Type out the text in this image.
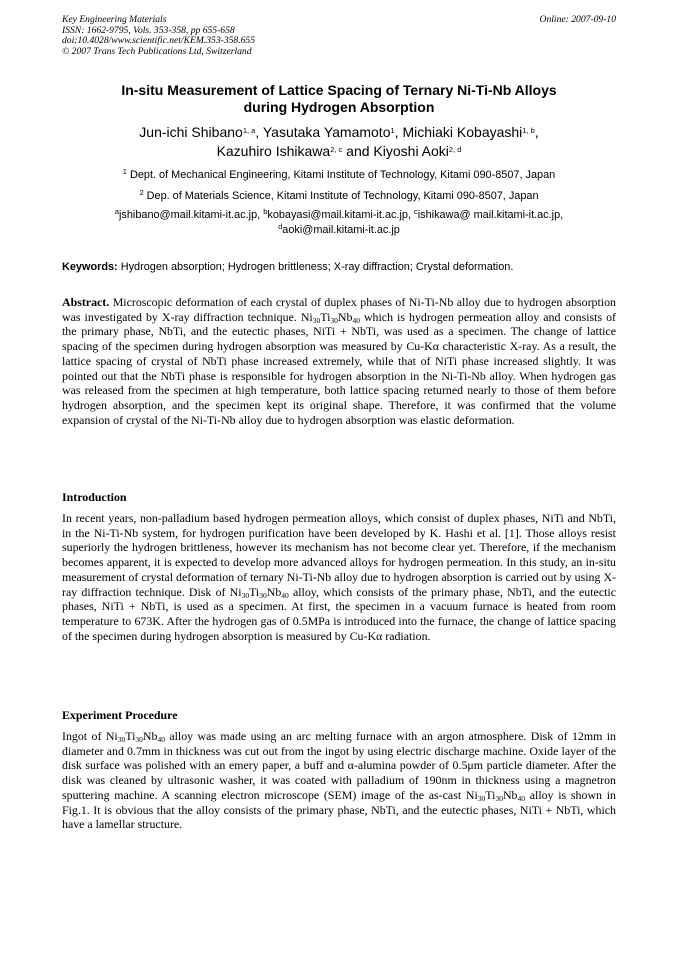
Key Engineering Materials
ISSN: 1662-9795, Vols. 353-358, pp 655-658
doi:10.4028/www.scientific.net/KEM.353-358.655
© 2007 Trans Tech Publications Ltd, Switzerland
Online: 2007-09-10
In-situ Measurement of Lattice Spacing of Ternary Ni-Ti-Nb Alloys
during Hydrogen Absorption
Jun-ichi Shibano$^{1, a}$, Yasutaka Yamamoto$^1$, Michiaki Kobayashi$^{1, b}$,
Kazuhiro Ishikawa$^{2, c}$ and Kiyoshi Aoki$^{2, d}$
$^1$ Dept. of Mechanical Engineering, Kitami Institute of Technology, Kitami 090-8507, Japan
$^2$ Dep. of Materials Science, Kitami Institute of Technology, Kitami 090-8507, Japan
$^a$jshibano@mail.kitami-it.ac.jp, $^b$kobayasi@mail.kitami-it.ac.jp, $^c$ishikawa@ mail.kitami-it.ac.jp,
$^d$aoki@mail.kitami-it.ac.jp
Keywords: Hydrogen absorption; Hydrogen brittleness; X-ray diffraction; Crystal deformation.

Abstract. Microscopic deformation of each crystal of duplex phases of Ni-Ti-Nb alloy due to hydrogen absorption was investigated by X-ray diffraction technique. $Ni_{30}Ti_{30}Nb_{40}$ which is hydrogen permeation alloy and consists of the primary phase, NbTi, and the eutectic phases, NiTi + NbTi, was used as a specimen. The change of lattice spacing of the specimen during hydrogen absorption was measured by Cu-Kα characteristic X-ray. As a result, the lattice spacing of crystal of NbTi phase increased extremely, while that of NiTi phase increased slightly. It was pointed out that the NbTi phase is responsible for hydrogen absorption in the Ni-Ti-Nb alloy. When hydrogen gas was released from the specimen at high temperature, both lattice spacing returned nearly to those of them before hydrogen absorption, and the specimen kept its original shape. Therefore, it was confirmed that the volume expansion of crystal of the Ni-Ti-Nb alloy due to hydrogen absorption was elastic deformation.

Introduction

In recent years, non-palladium based hydrogen permeation alloys, which consist of duplex phases, NiTi and NbTi, in the Ni-Ti-Nb system, for hydrogen purification have been developed by K. Hashi et al. [1]. Those alloys resist superiorly the hydrogen brittleness, however its mechanism has not become clear yet. Therefore, if the mechanism becomes apparent, it is expected to develop more advanced alloys for hydrogen permeation. In this study, an in-situ measurement of crystal deformation of ternary Ni-Ti-Nb alloy due to hydrogen absorption is carried out by using X-ray diffraction technique. Disk of $Ni_{30}Ti_{30}Nb_{40}$ alloy, which consists of the primary phase, NbTi, and the eutectic phases, NiTi + NbTi, is used as a specimen. At first, the specimen in a vacuum furnace is heated from room temperature to 673K. After the hydrogen gas of 0.5MPa is introduced into the furnace, the change of lattice spacing of the specimen during hydrogen absorption is measured by Cu-Kα radiation.

Experiment Procedure

Ingot of $Ni_{30}Ti_{30}Nb_{40}$ alloy was made using an arc melting furnace with an argon atmosphere. Disk of 12mm in diameter and 0.7mm in thickness was cut out from the ingot by using electric discharge machine. Oxide layer of the disk surface was polished with an emery paper, a buff and α-alumina powder of 0.5μm particle diameter. After the disk was cleaned by ultrasonic washer, it was coated with palladium of 190nm in thickness using a magnetron sputtering machine. A scanning electron microscope (SEM) image of the as-cast $Ni_{30}Ti_{30}Nb_{40}$ alloy is shown in Fig.1. It is obvious that the alloy consists of the primary phase, NbTi, and the eutectic phases, NiTi + NbTi, which have a lamellar structure.
